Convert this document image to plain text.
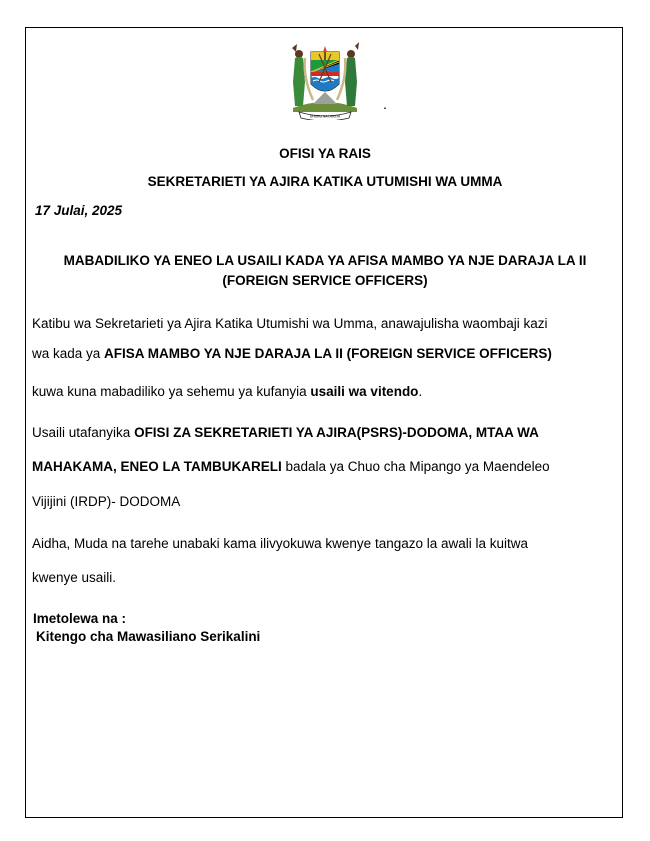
UHURU NA UMOJA
.
OFISI YA RAIS
SEKRETARIETI YA AJIRA KATIKA UTUMISHI WA UMMA
17 Julai, 2025
MABADILIKO YA ENEO LA USAILI KADA YA AFISA MAMBO YA NJE DARAJA LA II
(FOREIGN SERVICE OFFICERS)
Katibu wa Sekretarieti ya Ajira Katika Utumishi wa Umma, anawajulisha waombaji kazi
wa kada ya AFISA MAMBO YA NJE DARAJA LA II (FOREIGN SERVICE OFFICERS)
kuwa kuna mabadiliko ya sehemu ya kufanyia usaili wa vitendo.
Usaili utafanyika OFISI ZA SEKRETARIETI YA AJIRA(PSRS)-DODOMA, MTAA WA
MAHAKAMA, ENEO LA TAMBUKARELI badala ya Chuo cha Mipango ya Maendeleo
Vijijini (IRDP)- DODOMA
Aidha, Muda na tarehe unabaki kama ilivyokuwa kwenye tangazo la awali la kuitwa
kwenye usaili.
Imetolewa na :
Kitengo cha Mawasiliano Serikalini
